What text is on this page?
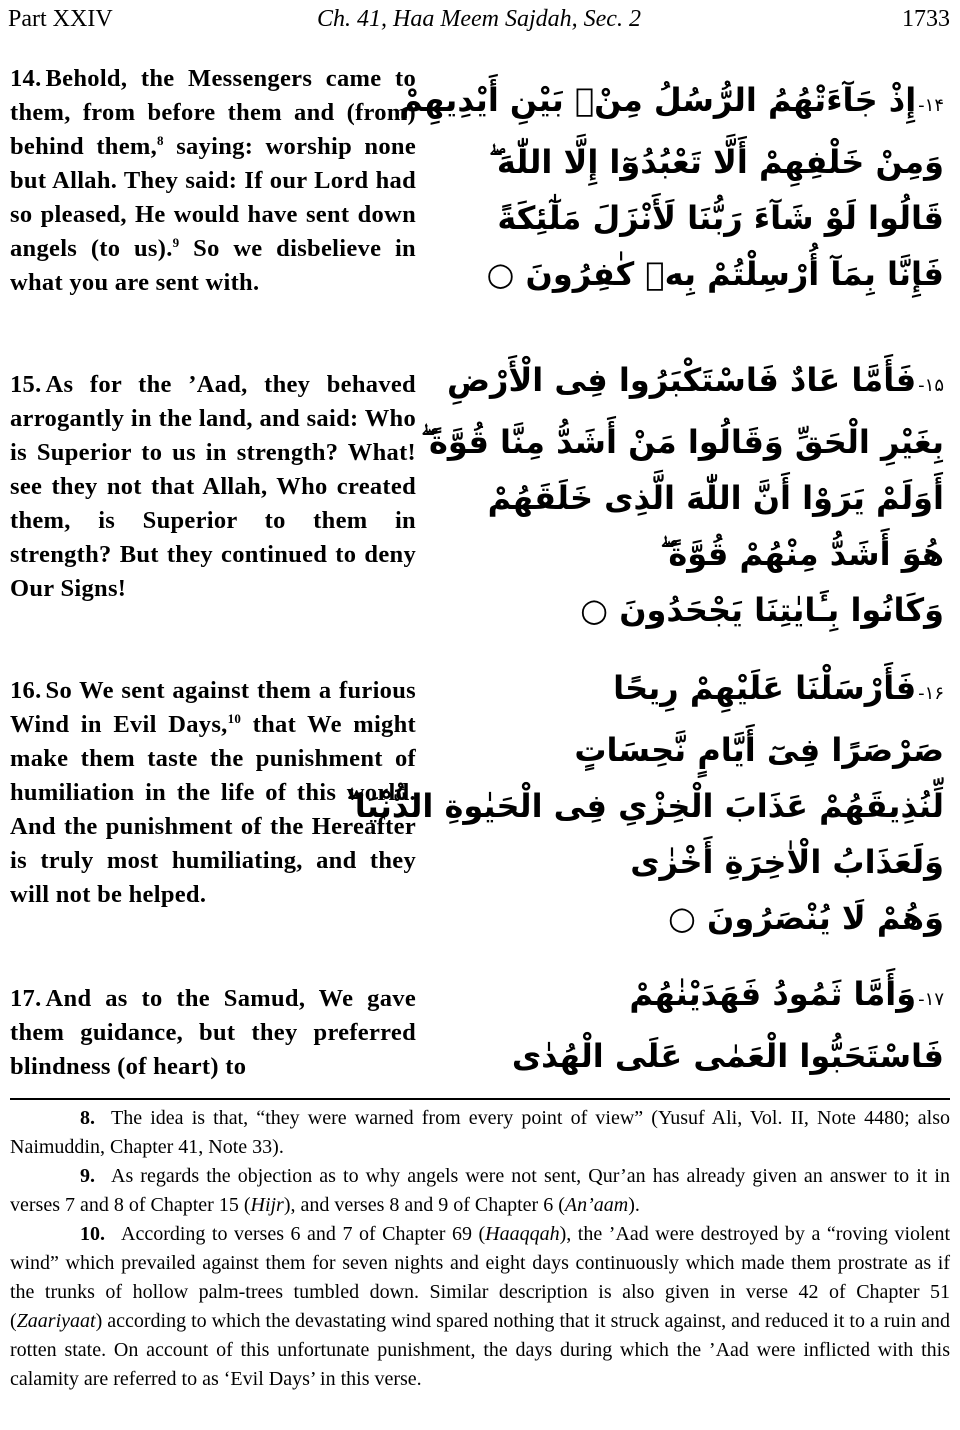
Part XXIV	Ch. 41, Haa Meem Sajdah, Sec. 2	1733
14. Behold, the Messengers came to them, from before them and (from) behind them,$^8$ saying: worship none but Allah. They said: If our Lord had so pleased, He would have sent down angels (to us).$^9$ So we disbelieve in what you are sent with.
15. As for the ’Aad, they behaved arrogantly in the land, and said: Who is Superior to us in strength? What! see they not that Allah, Who created them, is Superior to them in strength? But they continued to deny Our Signs!
16. So We sent against them a furious Wind in Evil Days,$^{10}$ that We might make them taste the punishment of humiliation in the life of this world. And the punishment of the Hereafter is truly most humiliating, and they will not be helped.
17. And as to the Samud, We gave them guidance, but they preferred blindness (of heart) to
۱۴-إِذْ جَآءَتْهُمُ الرُّسُلُ مِنْۢ بَيْنِ أَيْدِيهِمْ
وَمِنْ خَلْفِهِمْ أَلَّا تَعْبُدُوٓا إِلَّا اللّٰهَ ۖ
قَالُوا لَوْ شَآءَ رَبُّنَا لَأَنْزَلَ مَلٰٓئِكَةً
فَإِنَّا بِمَآ أُرْسِلْتُمْ بِهٖ كٰفِرُونَ ○
۱۵-فَأَمَّا عَادٌ فَاسْتَكْبَرُوا فِى الْأَرْضِ
بِغَيْرِ الْحَقِّ وَقَالُوا مَنْ أَشَدُّ مِنَّا قُوَّةً ۖ
أَوَلَمْ يَرَوْا أَنَّ اللّٰهَ الَّذِى خَلَقَهُمْ
هُوَ أَشَدُّ مِنْهُمْ قُوَّةً ۖ
وَكَانُوا بِـَٔايٰتِنَا يَجْحَدُونَ ○
۱۶-فَأَرْسَلْنَا عَلَيْهِمْ رِيحًا
صَرْصَرًا فِىٓ أَيَّامٍ نَّحِسَاتٍ
لِّنُذِيقَهُمْ عَذَابَ الْخِزْىِ فِى الْحَيٰوةِ الدُّنْيَا ۖ
وَلَعَذَابُ الْاٰخِرَةِ أَخْزٰى
وَهُمْ لَا يُنْصَرُونَ ○
۱۷-وَأَمَّا ثَمُودُ فَهَدَيْنٰهُمْ
فَاسْتَحَبُّوا الْعَمٰى عَلَى الْهُدٰى

8. The idea is that, “they were warned from every point of view” (Yusuf Ali, Vol. II, Note 4480; also Naimuddin, Chapter 41, Note 33).

9. As regards the objection as to why angels were not sent, Qur’an has already given an answer to it in verses 7 and 8 of Chapter 15 (Hijr), and verses 8 and 9 of Chapter 6 (An’aam).

10. According to verses 6 and 7 of Chapter 69 (Haaqqah), the ’Aad were destroyed by a “roving violent wind” which prevailed against them for seven nights and eight days continuously which made them prostrate as if the trunks of hollow palm-trees tumbled down. Similar description is also given in verse 42 of Chapter 51 (Zaariyaat) according to which the devastating wind spared nothing that it struck against, and reduced it to a ruin and rotten state. On account of this unfortunate punishment, the days during which the ’Aad were inflicted with this calamity are referred to as ‘Evil Days’ in this verse.
